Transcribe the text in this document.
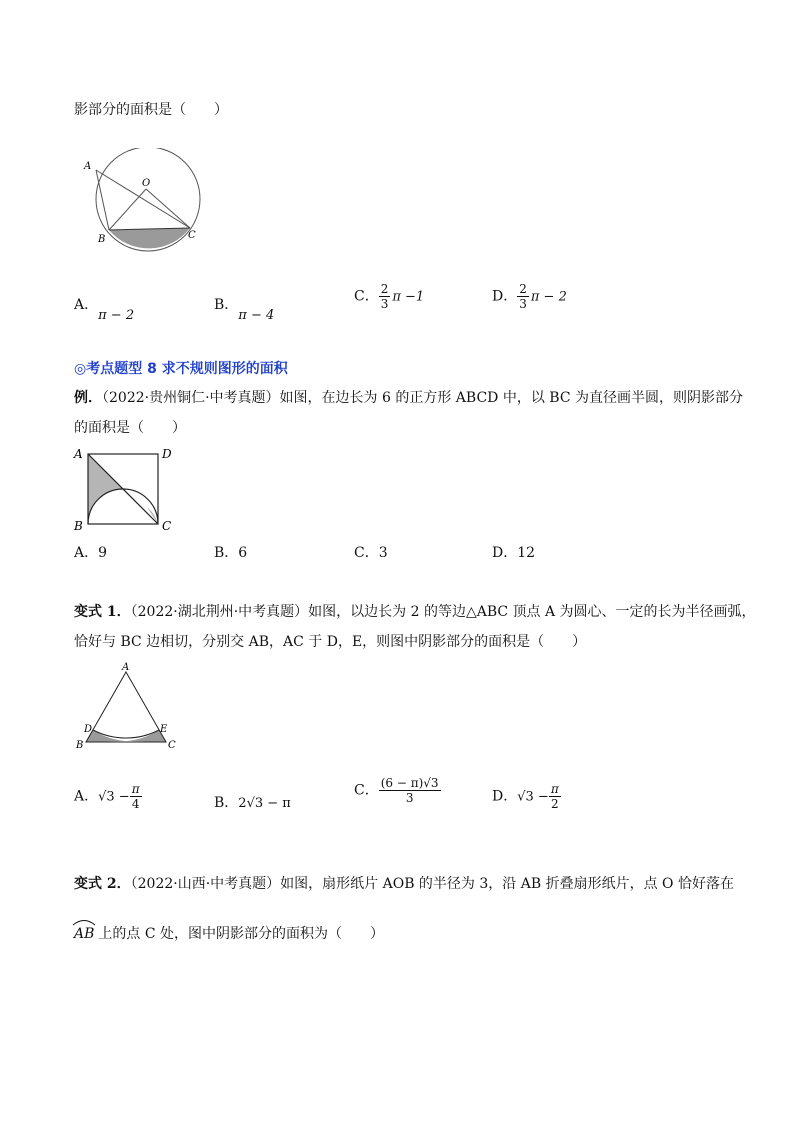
影部分的面积是（　　）
A
O
B	C
A．π − 2
B．π − 4
C． $\frac{2}{3}$ π −1	D． $\frac{2}{3}$ π − 2
◎考点题型 8 求不规则图形的面积
例．（2022·贵州铜仁·中考真题）如图，在边长为 6 的正方形 ABCD 中，以 BC 为直径画半圆，则阴影部分
的面积是（　　）
A	D
B	C
A．9	B．6	C．3	D．12
变式 1．（2022·湖北荆州·中考真题）如图，以边长为 2 的等边△ABC 顶点 A 为圆心、一定的长为半径画弧，
恰好与 BC 边相切，分别交 AB，AC 于 D，E，则图中阴影部分的面积是（　　）
A
D	E
B	C
A．$√3 - \frac{\pi}{4}$	B．2√3 − π
C． $\frac{(6 - \pi)√3}{3}$	D．$√3 - \frac{\pi}{2}$
变式 2．（2022·山西·中考真题）如图，扇形纸片 AOB 的半径为 3，沿 AB 折叠扇形纸片，点 O 恰好落在
AB 上的点 C 处，图中阴影部分的面积为（　　）
